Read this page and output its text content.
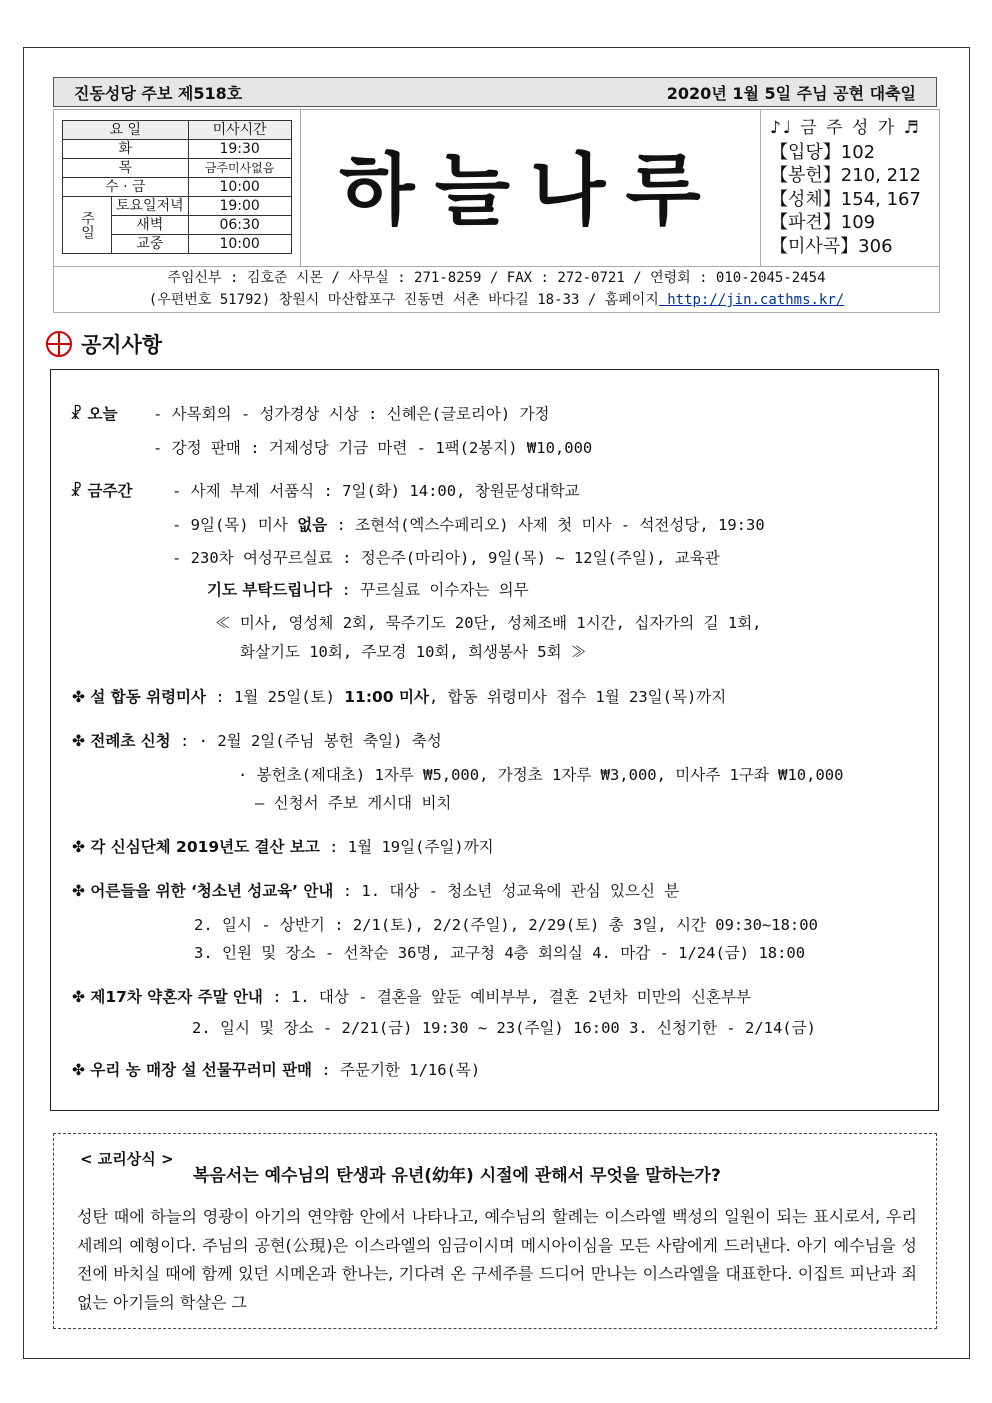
진동성당 주보 제518호	2020년 1월 5일 주님 공현 대축일
요 일		미사시간
화		19:30
목		금주미사없음
수 · 금		10:00
주일	토요일저녁	19:00
	새벽	06:30
	교중	10:00
하늘나루
♪♩ 금 주 성 가 ♬
【입당】102
【봉헌】210, 212
【성체】154, 167
【파견】109
【미사곡】306
주임신부 : 김호준 시몬 / 사무실 : 271-8259 / FAX : 272-0721 / 연령회 : 010-2045-2454
(우편번호 51792) 창원시 마산합포구 진동면 서촌 바다길 18-33 / 홈페이지 http://jin.cathms.kr/
공지사항
☧ 오늘 - 사목회의 - 성가경상 시상 : 신혜은(글로리아) 가정
- 강정 판매 : 거제성당 기금 마련 - 1팩(2봉지) ₩10,000
☧ 금주간	- 사제 부제 서품식 : 7일(화) 14:00, 창원문성대학교
- 9일(목) 미사 없음 : 조현석(엑스수페리오) 사제 첫 미사 - 석전성당, 19:30
- 230차 여성꾸르실료 : 정은주(마리아), 9일(목) ~ 12일(주일), 교육관
기도 부탁드립니다 : 꾸르실료 이수자는 의무
≪ 미사, 영성체 2회, 묵주기도 20단, 성체조배 1시간, 십자가의 길 1회,
화살기도 10회, 주모경 10회, 희생봉사 5회 ≫
✤ 설 합동 위령미사 : 1월 25일(토) 11:00 미사, 합동 위령미사 접수 1월 23일(목)까지
✤ 전례초 신청 : · 2월 2일(주님 봉헌 축일) 축성
· 봉헌초(제대초) 1자루 ₩5,000, 가정초 1자루 ₩3,000, 미사주 1구좌 ₩10,000
– 신청서 주보 게시대 비치
✤ 각 신심단체 2019년도 결산 보고 : 1월 19일(주일)까지
✤ 어른들을 위한 ‘청소년 성교육’ 안내 : 1. 대상 - 청소년 성교육에 관심 있으신 분
2. 일시 - 상반기 : 2/1(토), 2/2(주일), 2/29(토) 총 3일, 시간 09:30~18:00
3. 인원 및 장소 - 선착순 36명, 교구청 4층 회의실 4. 마감 - 1/24(금) 18:00
✤ 제17차 약혼자 주말 안내 : 1. 대상 - 결혼을 앞둔 예비부부, 결혼 2년차 미만의 신혼부부
2. 일시 및 장소 - 2/21(금) 19:30 ~ 23(주일) 16:00 3. 신청기한 - 2/14(금)
✤ 우리 농 매장 설 선물꾸러미 판매 : 주문기한 1/16(목)
< 교리상식 >
복음서는 예수님의 탄생과 유년(幼年) 시절에 관해서 무엇을 말하는가?
성탄 때에 하늘의 영광이 아기의 연약함 안에서 나타나고, 예수님의 할례는 이스라엘 백성의 일원이 되는 표시로서, 우리 세례의 예형이다. 주님의 공현(公現)은 이스라엘의 임금이시며 메시아이심을 모든 사람에게 드러낸다. 아기 예수님을 성전에 바치실 때에 함께 있던 시메온과 한나는, 기다려 온 구세주를 드디어 만나는 이스라엘을 대표한다. 이집트 피난과 죄 없는 아기들의 학살은 그
